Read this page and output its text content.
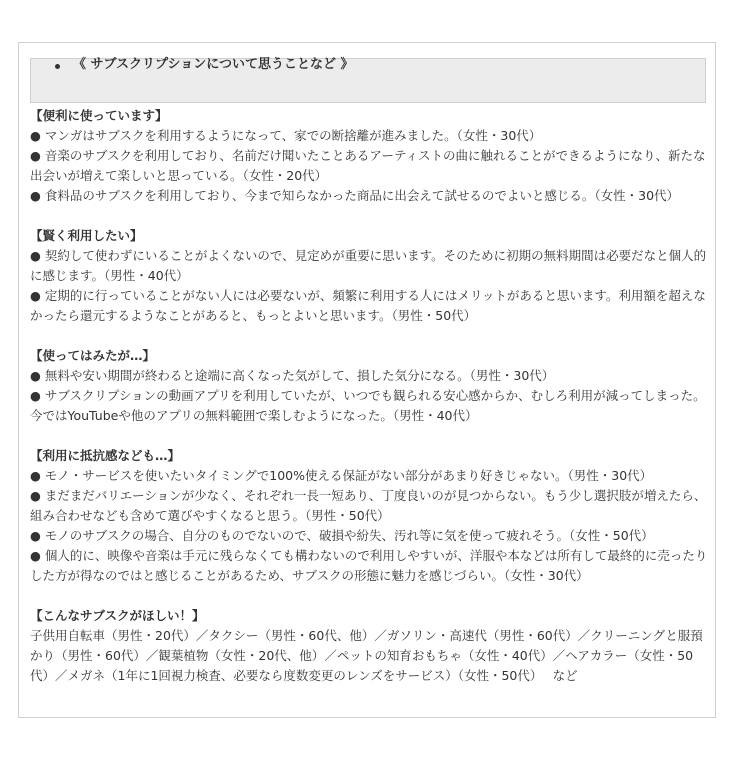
《 サブスクリプションについて思うことなど 》
【便利に使っています】

● マンガはサブスクを利用するようになって、家での断捨離が進みました。（女性・30代）

● 音楽のサブスクを利用しており、名前だけ聞いたことあるアーティストの曲に触れることができるようになり、新たな出会いが増えて楽しいと思っている。（女性・20代）

● 食料品のサブスクを利用しており、今まで知らなかった商品に出会えて試せるのでよいと感じる。（女性・30代）

【賢く利用したい】

● 契約して使わずにいることがよくないので、見定めが重要に思います。そのために初期の無料期間は必要だなと個人的に感じます。（男性・40代）

● 定期的に行っていることがない人には必要ないが、頻繁に利用する人にはメリットがあると思います。利用額を超えなかったら還元するようなことがあると、もっとよいと思います。（男性・50代）

【使ってはみたが…】

● 無料や安い期間が終わると途端に高くなった気がして、損した気分になる。（男性・30代）

● サブスクリプションの動画アプリを利用していたが、いつでも観られる安心感からか、むしろ利用が減ってしまった。今ではYouTubeや他のアプリの無料範囲で楽しむようになった。（男性・40代）

【利用に抵抗感なども…】

● モノ・サービスを使いたいタイミングで100%使える保証がない部分があまり好きじゃない。（男性・30代）

● まだまだバリエーションが少なく、それぞれ一長一短あり、丁度良いのが見つからない。もう少し選択肢が増えたら、組み合わせなども含めて選びやすくなると思う。（男性・50代）

● モノのサブスクの場合、自分のものでないので、破損や紛失、汚れ等に気を使って疲れそう。（女性・50代）

● 個人的に、映像や音楽は手元に残らなくても構わないので利用しやすいが、洋服や本などは所有して最終的に売ったりした方が得なのではと感じることがあるため、サブスクの形態に魅力を感じづらい。（女性・30代）

【こんなサブスクがほしい！】

子供用自転車（男性・20代）／タクシー（男性・60代、他）／ガソリン・高速代（男性・60代）／クリーニングと服預かり（男性・60代）／観葉植物（女性・20代、他）／ペットの知育おもちゃ（女性・40代）／ヘアカラー（女性・50代）／メガネ（1年に1回視力検査、必要なら度数変更のレンズをサービス）（女性・50代）　 など
